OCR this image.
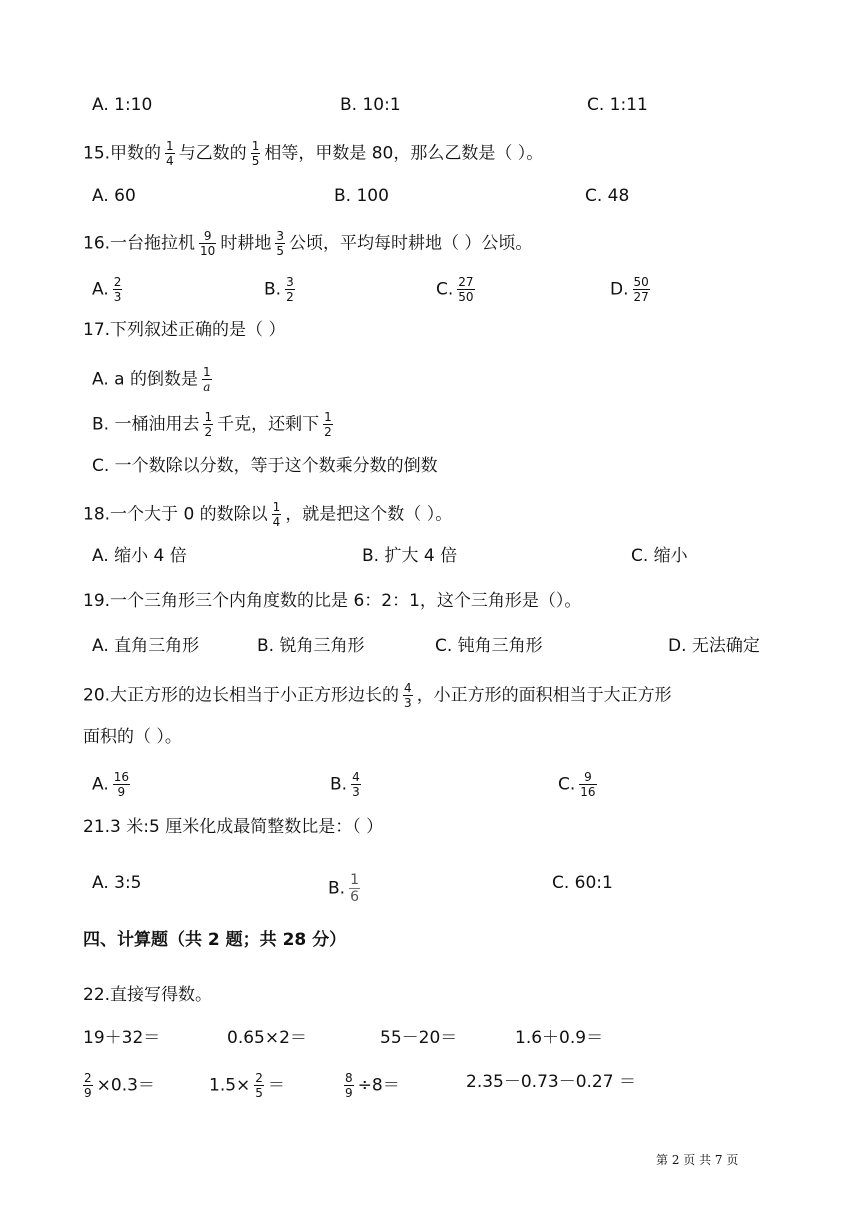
A. 1:10	B. 10:1	C. 1:11
15.甲数的 $\frac{1}{4}$ 与乙数的 $\frac{1}{5}$ 相等，甲数是 80，那么乙数是（ ）。
A. 60	B. 100	C. 48
16.一台拖拉机 $\frac{9}{10}$ 时耕地 $\frac{3}{5}$ 公顷，平均每时耕地（ ）公顷。
A. $\frac{2}{3}$	B. $\frac{3}{2}$	C. $\frac{27}{50}$	D. $\frac{50}{27}$
17.下列叙述正确的是（ ）
A. a 的倒数是 $\frac{1}{a}$
B. 一桶油用去 $\frac{1}{2}$ 千克，还剩下 $\frac{1}{2}$
C. 一个数除以分数，等于这个数乘分数的倒数
18.一个大于 0 的数除以 $\frac{1}{4}$ ，就是把这个数（ ）。
A. 缩小 4 倍	B. 扩大 4 倍	C. 缩小
19.一个三角形三个内角度数的比是 6：2：1，这个三角形是（）。
A. 直角三角形	B. 锐角三角形	C. 钝角三角形	D. 无法确定
20.大正方形的边长相当于小正方形边长的 $\frac{4}{3}$ ，小正方形的面积相当于大正方形
面积的（ ）。
A. $\frac{16}{9}$	B. $\frac{4}{3}$	C. $\frac{9}{16}$
21.3 米:5 厘米化成最简整数比是：（ ）
A. 3:5	B. $\frac{1}{6}$	C. 60:1
四、计算题（共 2 题；共 28 分）
22.直接写得数。
19＋32＝	0.65×2＝	55－20＝	1.6＋0.9＝
$\frac{2}{9} \times 0.3=$	$1.5\times \frac{2}{5}$ ＝	$\frac{8}{9} \div 8=$	2.35－0.73－0.27 ＝
第 2 页 共 7 页
